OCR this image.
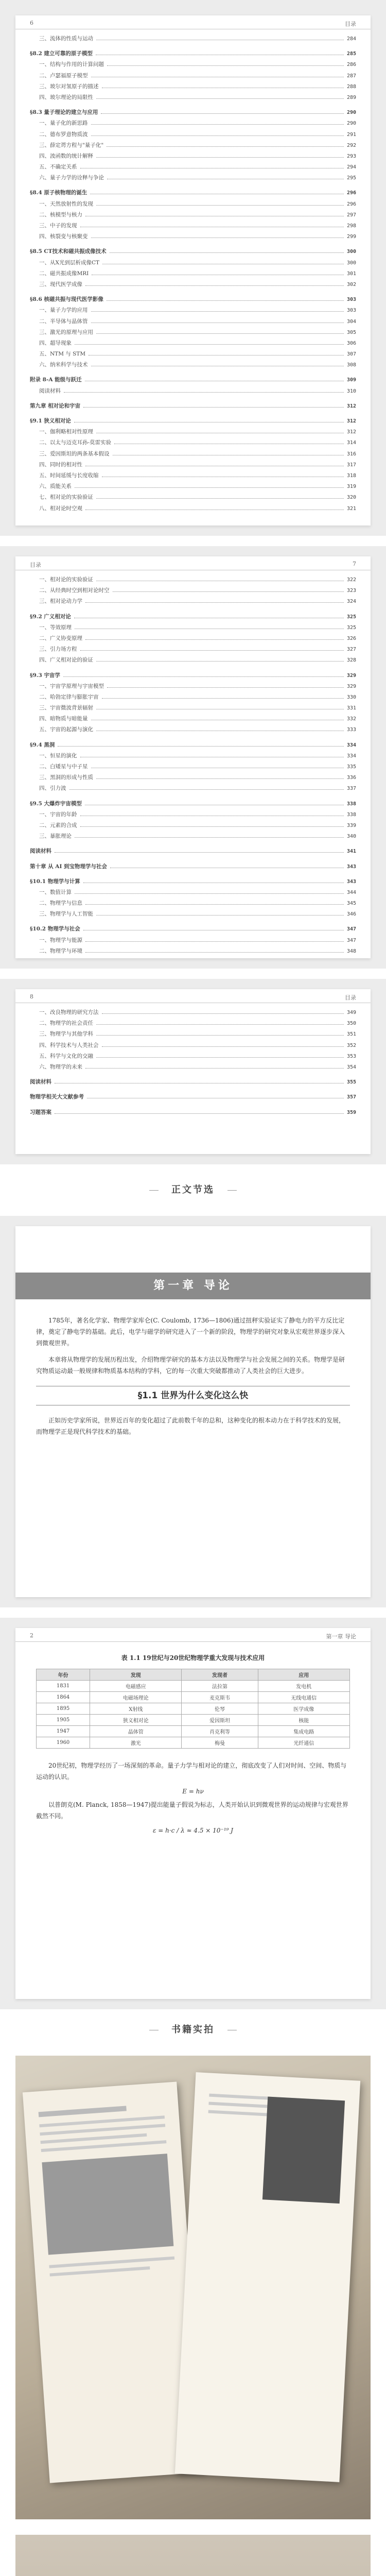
6	目录
三、流体的性质与运动	284
§8.2 建立可靠的原子模型	285
一、结构与作用的计算问题	286
二、卢瑟福原子模型	287
三、玻尔对氢原子的描述	288
四、玻尔理论的局限性	289
§8.3 量子理论的建立与应用	290
一、量子化的新思路	290
二、德布罗意物质波	291
三、薛定谔方程与"量子化"	292
四、波函数的统计解释	293
五、不确定关系	294
六、量子力学的诠释与争论	295
§8.4 原子核物理的诞生	296
一、天然放射性的发现	296
二、核模型与核力	297
三、中子的发现	298
四、核裂变与核聚变	299
§8.5 CT技术和磁共振成像技术	300
一、从X光到层析成像CT	300
二、磁共振成像MRI	301
三、现代医学成像	302
§8.6 核磁共振与现代医学影像	303
一、量子力学的应用	303
二、半导体与晶体管	304
三、激光的原理与应用	305
四、超导现象	306
五、NTM 与 STM	307
六、纳米科学与技术	308
附录 8-A 能级与跃迁	309
阅读材料	310
第九章 相对论和宇宙	312
§9.1 狭义相对论	312
一、伽利略相对性原理	312
二、以太与迈克耳孙-莫雷实验	314
三、爱因斯坦的两条基本假设	316
四、同时的相对性	317
五、时间延缓与长度收缩	318
六、质能关系	319
七、相对论的实验验证	320
八、相对论时空观	321
目录	7
一、相对论的实验验证	322
二、从经典时空到相对论时空	323
三、相对论动力学	324
§9.2 广义相对论	325
一、等效原理	325
二、广义协变原理	326
三、引力场方程	327
四、广义相对论的验证	328
§9.3 宇宙学	329
一、宇宙学原理与宇宙模型	329
二、哈勃定律与膨胀宇宙	330
三、宇宙微波背景辐射	331
四、暗物质与暗能量	332
五、宇宙的起源与演化	333
§9.4 黑洞	334
一、恒星的演化	334
二、白矮星与中子星	335
三、黑洞的形成与性质	336
四、引力波	337
§9.5 大爆炸宇宙模型	338
一、宇宙的年龄	338
二、元素的合成	339
三、暴胀理论	340
阅读材料	341
第十章 从 AI 到宝物理学与社会	343
§10.1 物理学与计算	343
一、数值计算	344
二、物理学与信息	345
三、物理学与人工智能	346
§10.2 物理学与社会	347
一、物理学与能源	347
二、物理学与环境	348
8	目录
一、改良物理的研究方法	349
二、物理学的社会责任	350
三、物理学与其他学科	351
四、科学技术与人类社会	352
五、科学与文化的交融	353
六、物理学的未来	354
阅读材料	355
物理学相关大文献参考	357
习题答案	359
正文节选
第一章 导论

1785年，著名化学家、物理学家库仑(C. Coulomb, 1736—1806)通过扭秤实验证实了静电力的平方反比定律，奠定了静电学的基础。此后，电学与磁学的研究进入了一个新的阶段，物理学的研究对象从宏观世界逐步深入到微观世界。

本章将从物理学的发展历程出发，介绍物理学研究的基本方法以及物理学与社会发展之间的关系。物理学是研究物质运动最一般规律和物质基本结构的学科，它的每一次重大突破都推动了人类社会的巨大进步。

§1.1 世界为什么变化这么快

正如历史学家所说，世界近百年的变化超过了此前数千年的总和，这种变化的根本动力在于科学技术的发展，而物理学正是现代科学技术的基础。

2	第一章 导论

表 1.1 19世纪与20世纪物理学重大发现与技术应用

年份	发现	发现者	应用
1831	电磁感应	法拉第	发电机
1864	电磁场理论	麦克斯韦	无线电通信
1895	X射线	伦琴	医学成像
1905	狭义相对论	爱因斯坦	核能
1947	晶体管	肖克利等	集成电路
1960	激光	梅曼	光纤通信

20世纪初，物理学经历了一场深刻的革命。量子力学与相对论的建立，彻底改变了人们对时间、空间、物质与运动的认识。

E = hν

以普朗克(M. Planck, 1858—1947)提出能量子假说为标志，人类开始认识到微观世界的运动规律与宏观世界截然不同。

ε = h·c / λ ≈ 4.5 × 10⁻¹⁹ J
书籍实拍
